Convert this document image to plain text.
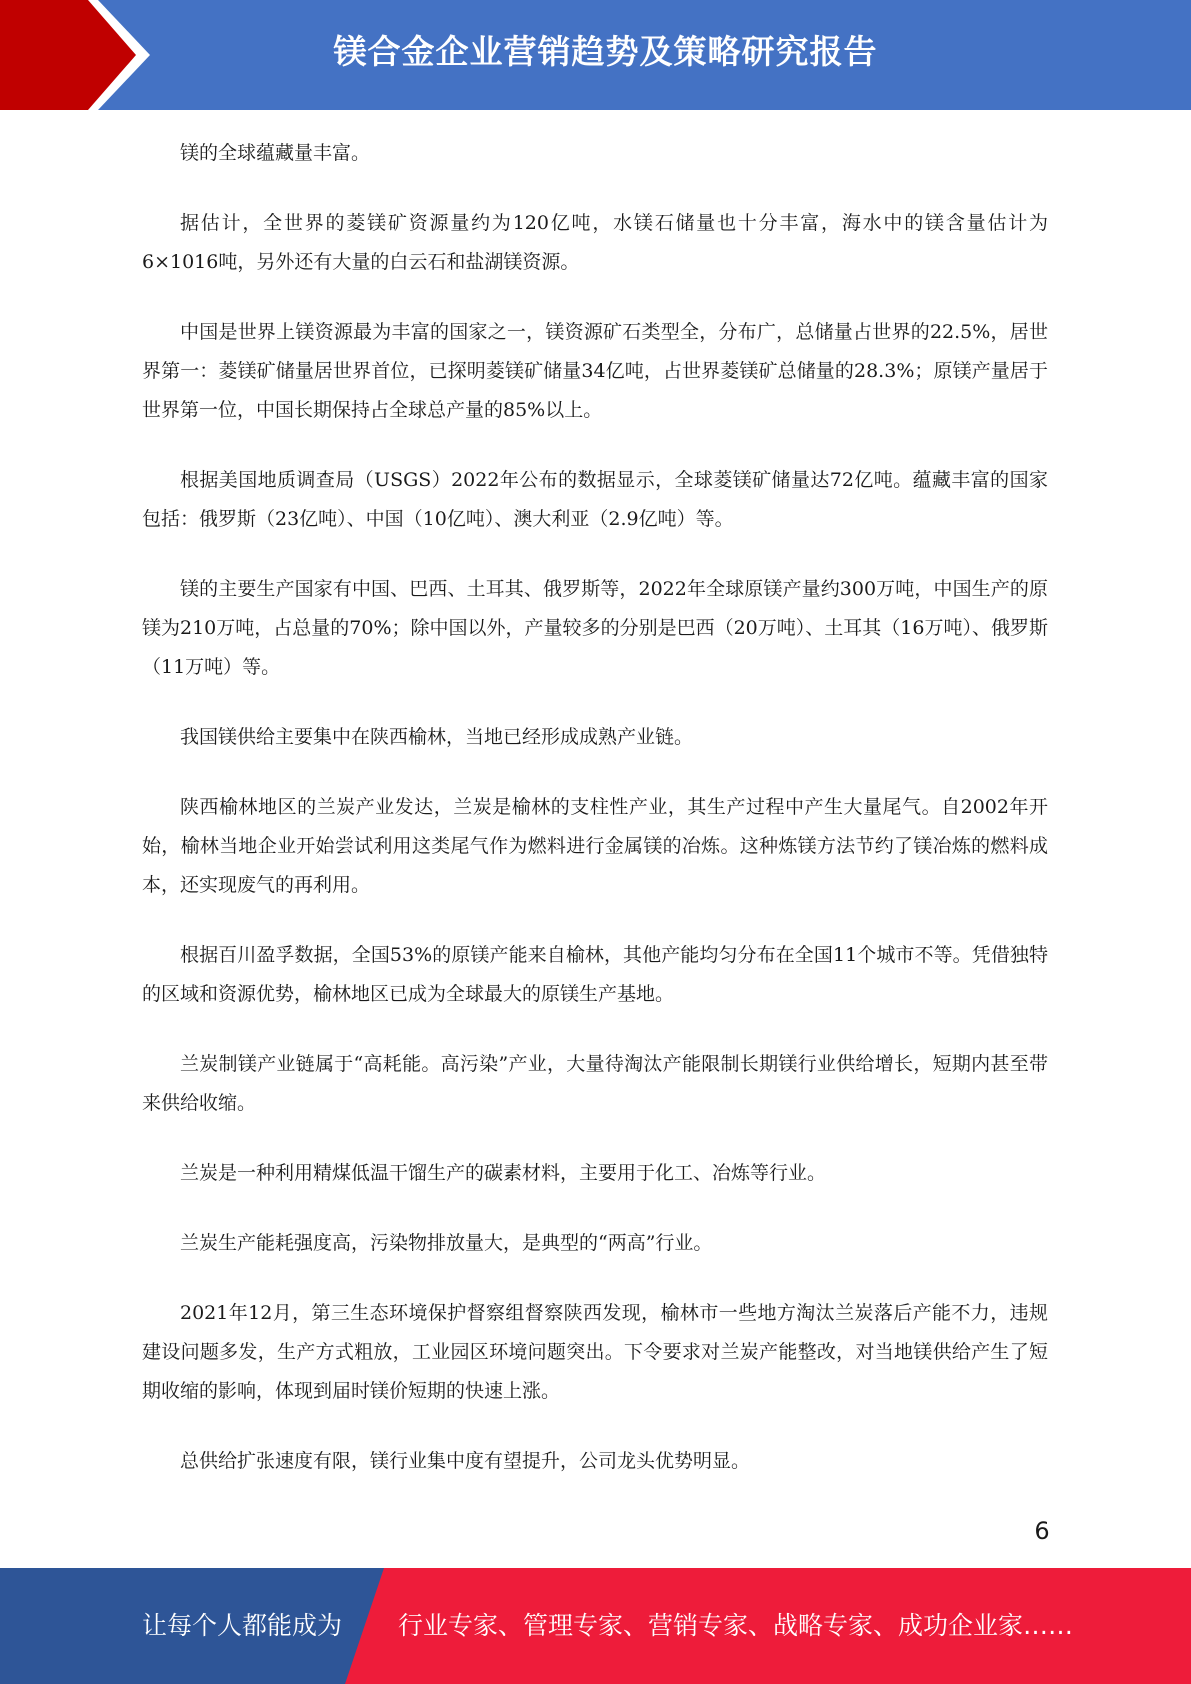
镁合金企业营销趋势及策略研究报告

镁的全球蕴藏量丰富。

据估计，全世界的菱镁矿资源量约为120亿吨，水镁石储量也十分丰富，海水中的镁含量估计为6×1016吨，另外还有大量的白云石和盐湖镁资源。

中国是世界上镁资源最为丰富的国家之一，镁资源矿石类型全，分布广，总储量占世界的22.5%，居世界第一：菱镁矿储量居世界首位，已探明菱镁矿储量34亿吨，占世界菱镁矿总储量的28.3%；原镁产量居于世界第一位，中国长期保持占全球总产量的85%以上。

根据美国地质调查局（USGS）2022年公布的数据显示，全球菱镁矿储量达72亿吨。蕴藏丰富的国家包括：俄罗斯（23亿吨）、中国（10亿吨）、澳大利亚（2.9亿吨）等。

镁的主要生产国家有中国、巴西、土耳其、俄罗斯等，2022年全球原镁产量约300万吨，中国生产的原镁为210万吨，占总量的70%；除中国以外，产量较多的分别是巴西（20万吨）、土耳其（16万吨）、俄罗斯（11万吨）等。

我国镁供给主要集中在陕西榆林，当地已经形成成熟产业链。

陕西榆林地区的兰炭产业发达，兰炭是榆林的支柱性产业，其生产过程中产生大量尾气。自2002年开始，榆林当地企业开始尝试利用这类尾气作为燃料进行金属镁的冶炼。这种炼镁方法节约了镁冶炼的燃料成本，还实现废气的再利用。

根据百川盈孚数据，全国53%的原镁产能来自榆林，其他产能均匀分布在全国11个城市不等。凭借独特的区域和资源优势，榆林地区已成为全球最大的原镁生产基地。

兰炭制镁产业链属于“高耗能。高污染”产业，大量待淘汰产能限制长期镁行业供给增长，短期内甚至带来供给收缩。

兰炭是一种利用精煤低温干馏生产的碳素材料，主要用于化工、冶炼等行业。

兰炭生产能耗强度高，污染物排放量大，是典型的“两高”行业。

2021年12月，第三生态环境保护督察组督察陕西发现，榆林市一些地方淘汰兰炭落后产能不力，违规建设问题多发，生产方式粗放，工业园区环境问题突出。下令要求对兰炭产能整改，对当地镁供给产生了短期收缩的影响，体现到届时镁价短期的快速上涨。

总供给扩张速度有限，镁行业集中度有望提升，公司龙头优势明显。

6
让每个人都能成为 行业专家、管理专家、营销专家、战略专家、成功企业家……
